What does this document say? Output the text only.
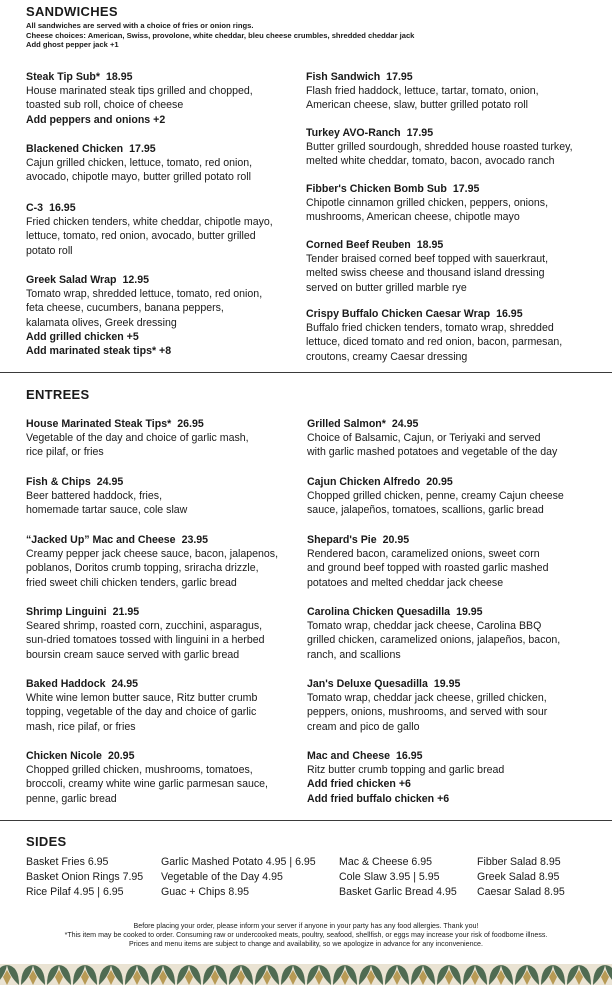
SANDWICHES
All sandwiches are served with a choice of fries or onion rings.
Cheese choices: American, Swiss, provolone, white cheddar, bleu cheese crumbles, shredded cheddar jack
Add ghost pepper jack +1
Steak Tip Sub* 18.95
House marinated steak tips grilled and chopped,
toasted sub roll, choice of cheese
Add peppers and onions +2
Blackened Chicken 17.95
Cajun grilled chicken, lettuce, tomato, red onion,
avocado, chipotle mayo, butter grilled potato roll
C-3 16.95
Fried chicken tenders, white cheddar, chipotle mayo,
lettuce, tomato, red onion, avocado, butter grilled
potato roll
Greek Salad Wrap 12.95
Tomato wrap, shredded lettuce, tomato, red onion,
feta cheese, cucumbers, banana peppers,
kalamata olives, Greek dressing
Add grilled chicken +5
Add marinated steak tips* +8
Fish Sandwich 17.95
Flash fried haddock, lettuce, tartar, tomato, onion,
American cheese, slaw, butter grilled potato roll
Turkey AVO-Ranch 17.95
Butter grilled sourdough, shredded house roasted turkey,
melted white cheddar, tomato, bacon, avocado ranch
Fibber's Chicken Bomb Sub 17.95
Chipotle cinnamon grilled chicken, peppers, onions,
mushrooms, American cheese, chipotle mayo
Corned Beef Reuben 18.95
Tender braised corned beef topped with sauerkraut,
melted swiss cheese and thousand island dressing
served on butter grilled marble rye
Crispy Buffalo Chicken Caesar Wrap 16.95
Buffalo fried chicken tenders, tomato wrap, shredded
lettuce, diced tomato and red onion, bacon, parmesan,
croutons, creamy Caesar dressing
ENTREES
House Marinated Steak Tips* 26.95
Vegetable of the day and choice of garlic mash,
rice pilaf, or fries
Fish & Chips 24.95
Beer battered haddock, fries,
homemade tartar sauce, cole slaw
“Jacked Up” Mac and Cheese 23.95
Creamy pepper jack cheese sauce, bacon, jalapenos,
poblanos, Doritos crumb topping, sriracha drizzle,
fried sweet chili chicken tenders, garlic bread
Shrimp Linguini 21.95
Seared shrimp, roasted corn, zucchini, asparagus,
sun-dried tomatoes tossed with linguini in a herbed
boursin cream sauce served with garlic bread
Baked Haddock 24.95
White wine lemon butter sauce, Ritz butter crumb
topping, vegetable of the day and choice of garlic
mash, rice pilaf, or fries
Chicken Nicole 20.95
Chopped grilled chicken, mushrooms, tomatoes,
broccoli, creamy white wine garlic parmesan sauce,
penne, garlic bread
Grilled Salmon* 24.95
Choice of Balsamic, Cajun, or Teriyaki and served
with garlic mashed potatoes and vegetable of the day
Cajun Chicken Alfredo 20.95
Chopped grilled chicken, penne, creamy Cajun cheese
sauce, jalapeños, tomatoes, scallions, garlic bread
Shepard's Pie 20.95
Rendered bacon, caramelized onions, sweet corn
and ground beef topped with roasted garlic mashed
potatoes and melted cheddar jack cheese
Carolina Chicken Quesadilla 19.95
Tomato wrap, cheddar jack cheese, Carolina BBQ
grilled chicken, caramelized onions, jalapeños, bacon,
ranch, and scallions
Jan's Deluxe Quesadilla 19.95
Tomato wrap, cheddar jack cheese, grilled chicken,
peppers, onions, mushrooms, and served with sour
cream and pico de gallo
Mac and Cheese 16.95
Ritz butter crumb topping and garlic bread
Add fried chicken +6
Add fried buffalo chicken +6
SIDES
Basket Fries 6.95
Basket Onion Rings 7.95
Rice Pilaf 4.95 | 6.95
Garlic Mashed Potato 4.95 | 6.95
Vegetable of the Day 4.95
Guac + Chips 8.95
Mac & Cheese 6.95
Cole Slaw 3.95 | 5.95
Basket Garlic Bread 4.95
Fibber Salad 8.95
Greek Salad 8.95
Caesar Salad 8.95
Before placing your order, please inform your server if anyone in your party has any food allergies. Thank you!
*This item may be cooked to order. Consuming raw or undercooked meats, poultry, seafood, shellfish, or eggs may increase your risk of foodborne illness.
Prices and menu items are subject to change and availability, so we apologize in advance for any inconvenience.
